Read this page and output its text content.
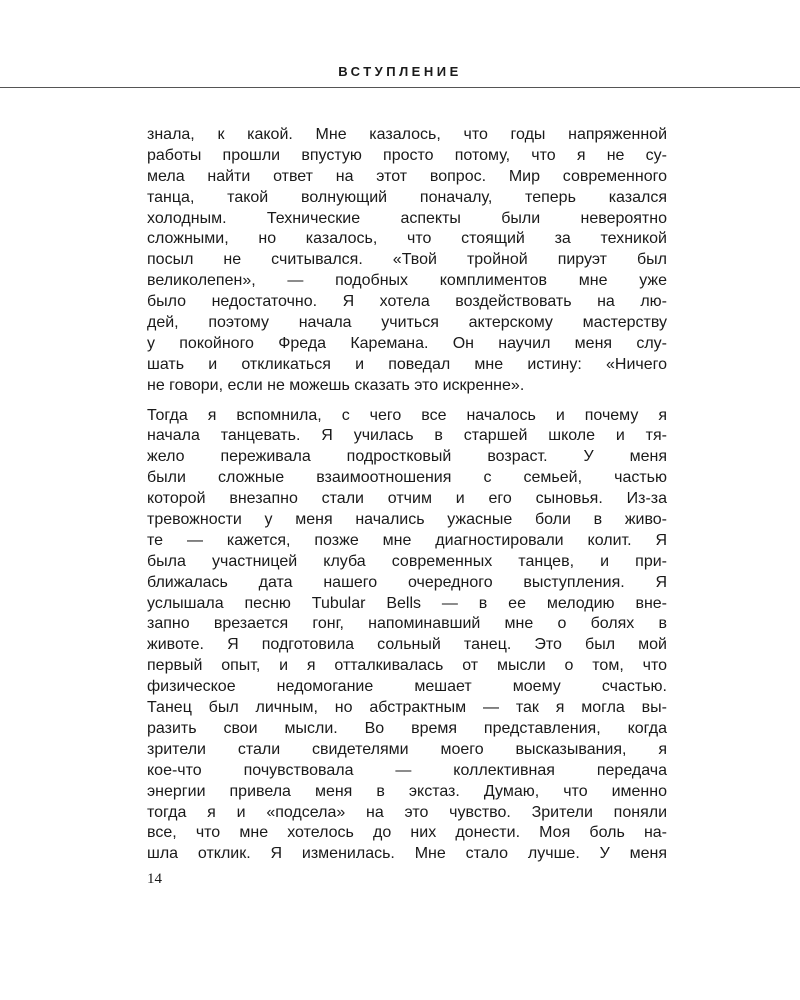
ВСТУПЛЕНИЕ
знала, к какой. Мне казалось, что годы напряженной
работы прошли впустую просто потому, что я не су-
мела найти ответ на этот вопрос. Мир современного
танца, такой волнующий поначалу, теперь казался
холодным. Технические аспекты были невероятно
сложными, но казалось, что стоящий за техникой
посыл не считывался. «Твой тройной пируэт был
великолепен», — подобных комплиментов мне уже
было недостаточно. Я хотела воздействовать на лю-
дей, поэтому начала учиться актерскому мастерству
у покойного Фреда Каремана. Он научил меня слу-
шать и откликаться и поведал мне истину: «Ничего
не говори, если не можешь сказать это искренне».
Тогда я вспомнила, с чего все началось и почему я
начала танцевать. Я училась в старшей школе и тя-
жело переживала подростковый возраст. У меня
были сложные взаимоотношения с семьей, частью
которой внезапно стали отчим и его сыновья. Из-за
тревожности у меня начались ужасные боли в живо-
те — кажется, позже мне диагностировали колит. Я
была участницей клуба современных танцев, и при-
ближалась дата нашего очередного выступления. Я
услышала песню Tubular Bells — в ее мелодию вне-
запно врезается гонг, напоминавший мне о болях в
животе. Я подготовила сольный танец. Это был мой
первый опыт, и я отталкивалась от мысли о том, что
физическое недомогание мешает моему счастью.
Танец был личным, но абстрактным — так я могла вы-
разить свои мысли. Во время представления, когда
зрители стали свидетелями моего высказывания, я
кое-что почувствовала — коллективная передача
энергии привела меня в экстаз. Думаю, что именно
тогда я и «подсела» на это чувство. Зрители поняли
все, что мне хотелось до них донести. Моя боль на-
шла отклик. Я изменилась. Мне стало лучше. У меня
14
